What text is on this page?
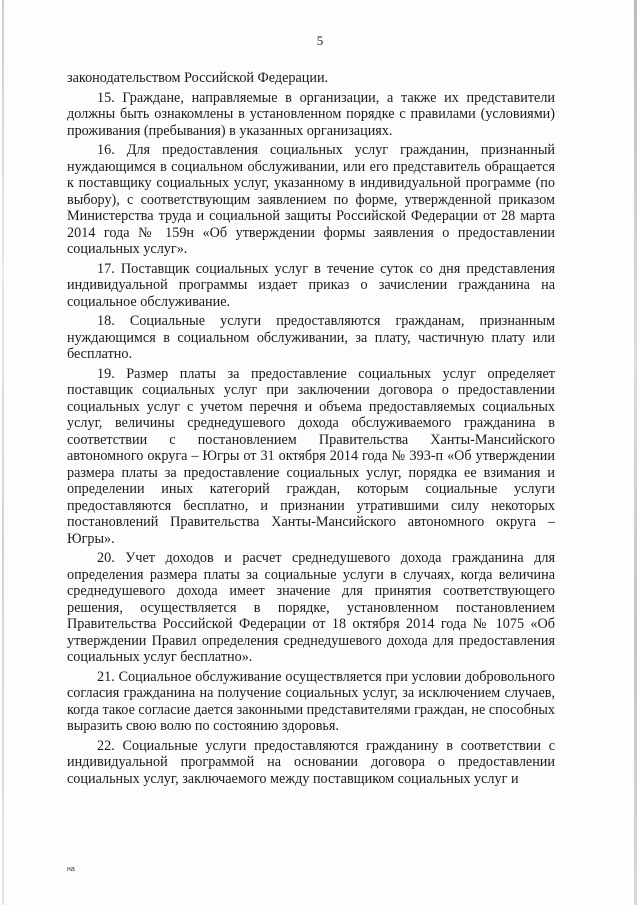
5

законодательством Российской Федерации.

15. Граждане, направляемые в организации, а также их представители должны быть ознакомлены в установленном порядке с правилами (условиями) проживания (пребывания) в указанных организациях.

16. Для предоставления социальных услуг гражданин, признанный нуждающимся в социальном обслуживании, или его представитель обращается к поставщику социальных услуг, указанному в индивидуальной программе (по выбору), с соответствующим заявлением по форме, утвержденной приказом Министерства труда и социальной защиты Российской Федерации от 28 марта 2014 года № 159н «Об утверждении формы заявления о предоставлении социальных услуг».

17. Поставщик социальных услуг в течение суток со дня представления индивидуальной программы издает приказ о зачислении гражданина на социальное обслуживание.

18. Социальные услуги предоставляются гражданам, признанным нуждающимся в социальном обслуживании, за плату, частичную плату или бесплатно.

19. Размер платы за предоставление социальных услуг определяет поставщик социальных услуг при заключении договора о предоставлении социальных услуг с учетом перечня и объема предоставляемых социальных услуг, величины среднедушевого дохода обслуживаемого гражданина в соответствии с постановлением Правительства Ханты-Мансийского автономного округа – Югры от 31 октября 2014 года № 393-п «Об утверждении размера платы за предоставление социальных услуг, порядка ее взимания и определении иных категорий граждан, которым социальные услуги предоставляются бесплатно, и признании утратившими силу некоторых постановлений Правительства Ханты-Мансийского автономного округа – Югры».

20. Учет доходов и расчет среднедушевого дохода гражданина для определения размера платы за социальные услуги в случаях, когда величина среднедушевого дохода имеет значение для принятия соответствующего решения, осуществляется в порядке, установленном постановлением Правительства Российской Федерации от 18 октября 2014 года № 1075 «Об утверждении Правил определения среднедушевого дохода для предоставления социальных услуг бесплатно».

21. Социальное обслуживание осуществляется при условии добровольного согласия гражданина на получение социальных услуг, за исключением случаев, когда такое согласие дается законными представителями граждан, не способных выразить свою волю по состоянию здоровья.

22. Социальные услуги предоставляются гражданину в соответствии с индивидуальной программой на основании договора о предоставлении социальных услуг, заключаемого между поставщиком социальных услуг и

на
